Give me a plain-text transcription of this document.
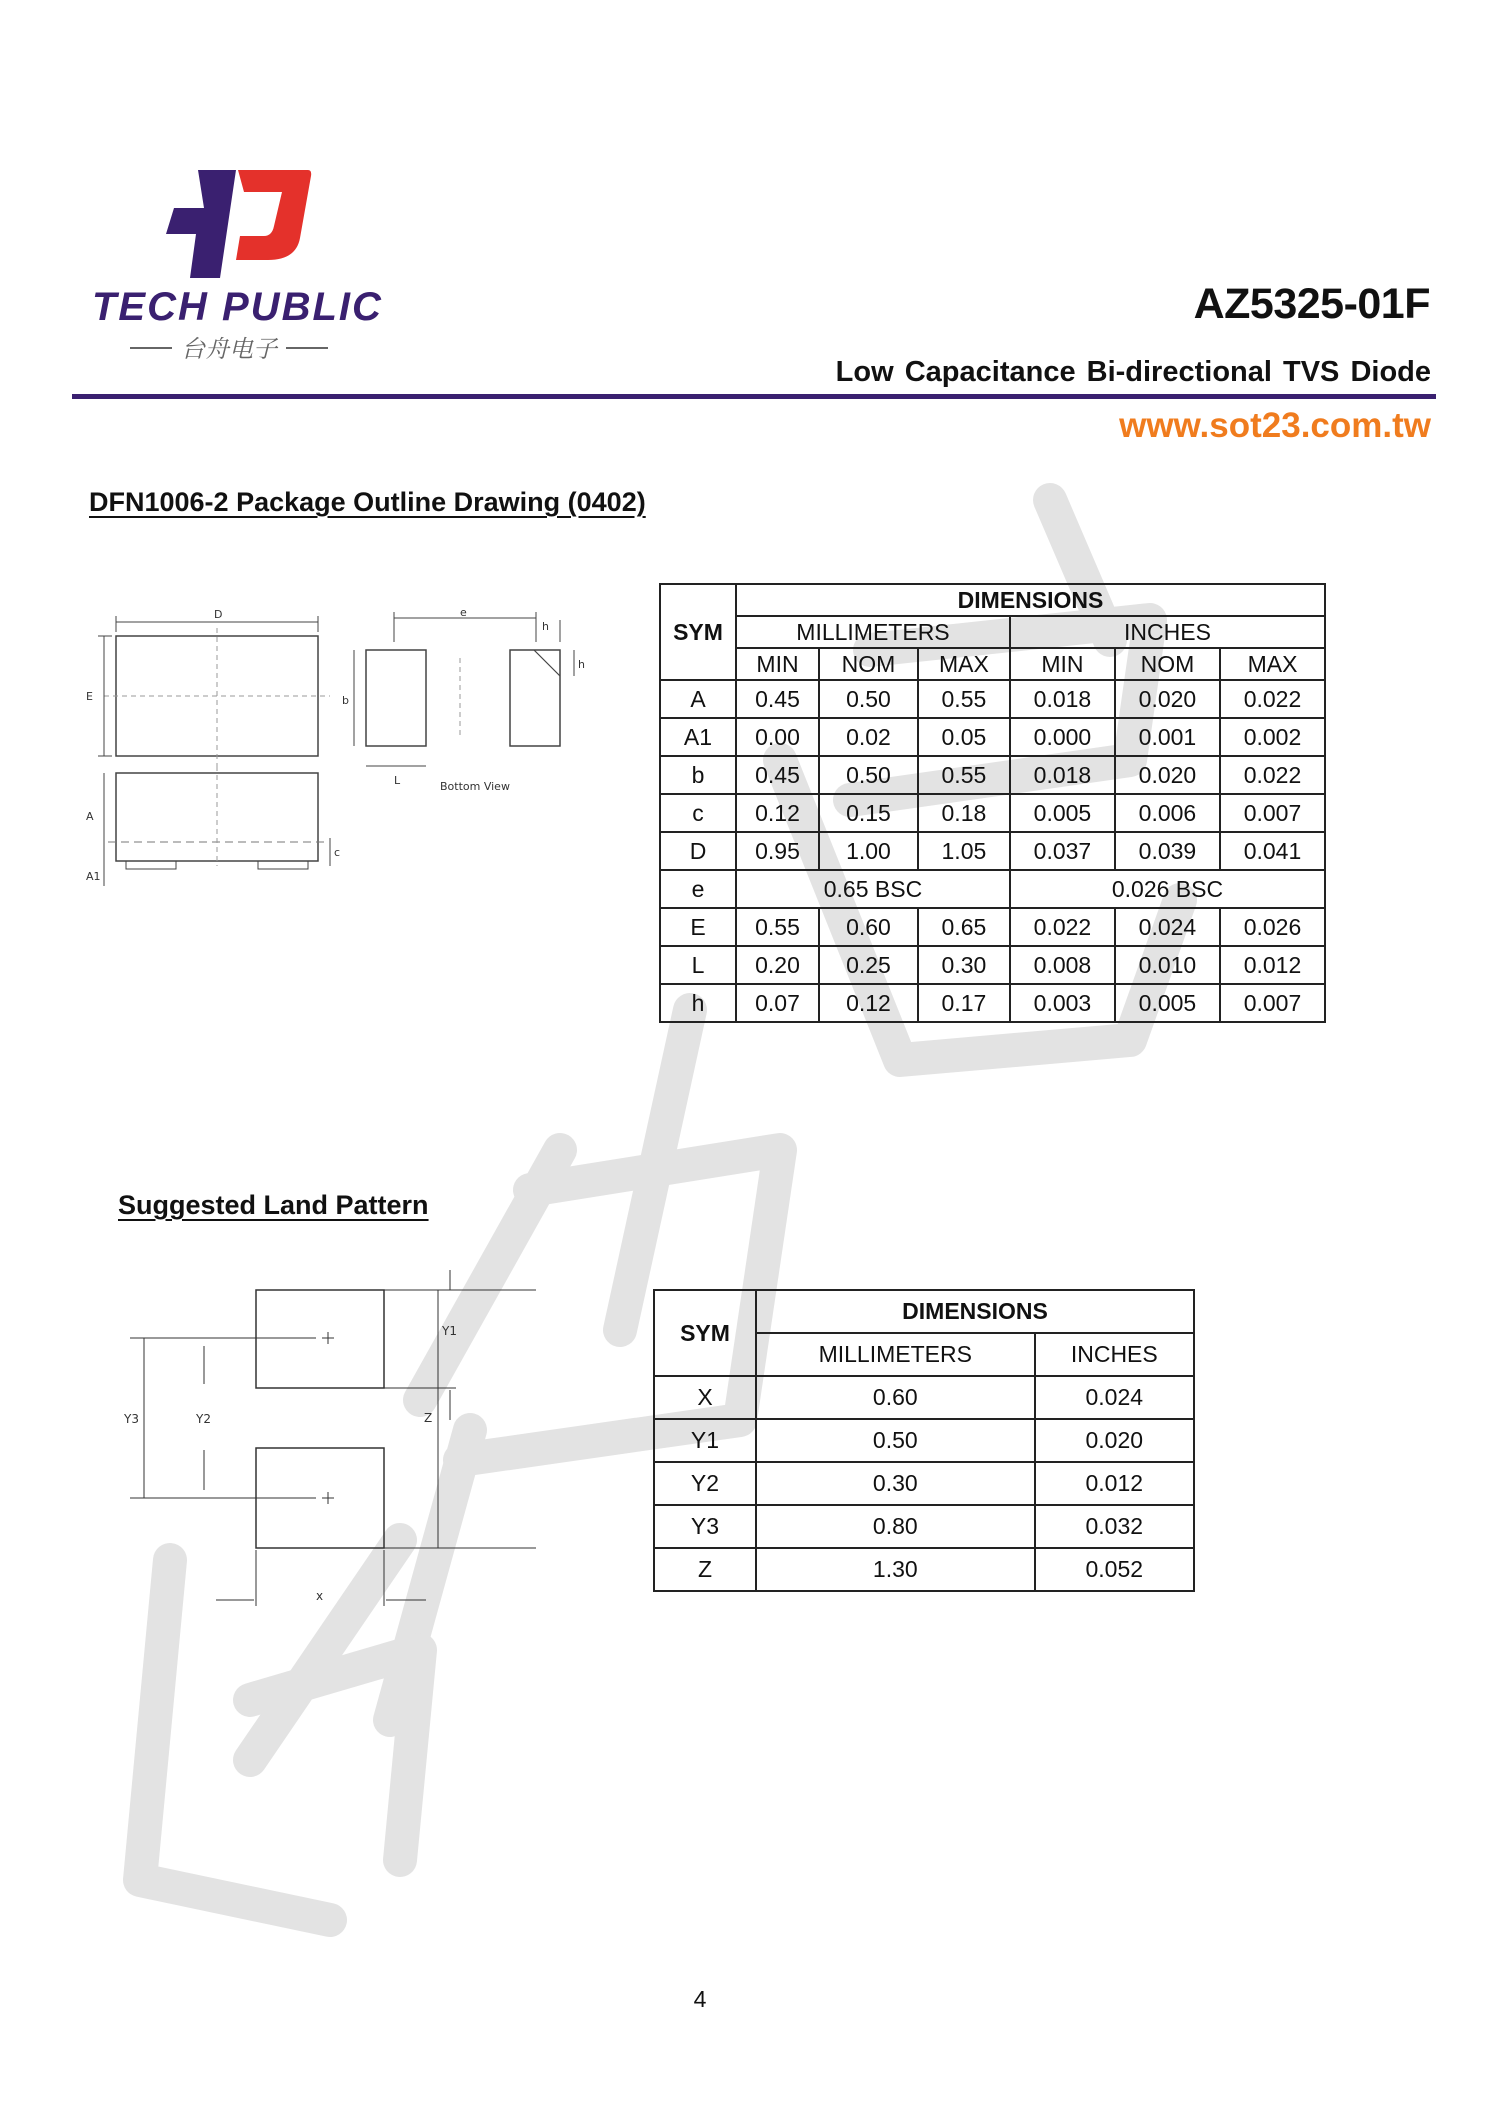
TECH PUBLIC
台舟电子
AZ5325-01F
Low Capacitance Bi-directional TVS Diode
www.sot23.com.tw
DFN1006-2 Package Outline Drawing (0402)
D
E
A
A1
c
e
h
h
b
L	Bottom View
SYM	DIMENSIONS					
	MILLIMETERS			INCHES		
	MIN	NOM	MAX	MIN	NOM	MAX
A	0.45	0.50	0.55	0.018	0.020	0.022
A1	0.00	0.02	0.05	0.000	0.001	0.002
b	0.45	0.50	0.55	0.018	0.020	0.022
c	0.12	0.15	0.18	0.005	0.006	0.007
D	0.95	1.00	1.05	0.037	0.039	0.041
e	0.65 BSC			0.026 BSC		
E	0.55	0.60	0.65	0.022	0.024	0.026
L	0.20	0.25	0.30	0.008	0.010	0.012
h	0.07	0.12	0.17	0.003	0.005	0.007
Suggested Land Pattern
Y3	Y2
Y1
Z
x
SYM	DIMENSIONS	
	MILLIMETERS	INCHES
X	0.60	0.024
Y1	0.50	0.020
Y2	0.30	0.012
Y3	0.80	0.032
Z	1.30	0.052
4
